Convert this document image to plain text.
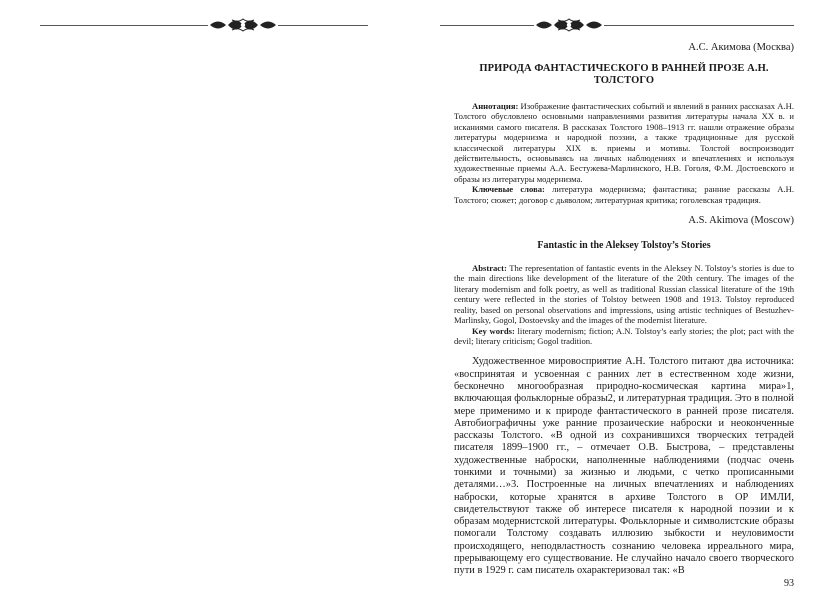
А.С. Акимова (Москва)
ПРИРОДА ФАНТАСТИЧЕСКОГО В РАННЕЙ ПРОЗЕ А.Н. ТОЛСТОГО

Аннотация: Изображение фантастических событий и явлений в ранних рассказах А.Н. Толстого обусловлено основными направлениями развития литературы начала XX в. и исканиями самого писателя. В рассказах Толстого 1908–1913 гг. нашли отражение образы литературы модернизма и народной поэзии, а также традиционные для русской классической литературы XIX в. приемы и мотивы. Толстой воспроизводит действительность, основываясь на личных наблюдениях и впечатлениях и используя художественные приемы А.А. Бестужева-Марлинского, Н.В. Гоголя, Ф.М. Достоевского и образы из литературы модернизма.

Ключевые слова: литература модернизма; фантастика; ранние рассказы А.Н. Толстого; сюжет; договор с дьяволом; литературная критика; гоголевская традиция.

A.S. Akimova (Moscow)
Fantastic in the Aleksey Tolstoy’s Stories

Abstract: The representation of fantastic events in the Aleksey N. Tolstoy’s stories is due to the main directions like development of the literature of the 20th century. The images of the literary modernism and folk poetry, as well as traditional Russian classical literature of the 19th century were reflected in the stories of Tolstoy between 1908 and 1913. Tolstoy reproduced reality, based on personal observations and impressions, using artistic techniques of Bestuzhev-Marlinsky, Gogol, Dostoevsky and the images of the modernist literature.

Key words: literary modernism; fiction; A.N. Tolstoy’s early stories; the plot; pact with the devil; literary criticism; Gogol tradition.

Художественное мировосприятие А.Н. Толстого питают два источника: «воспринятая и усвоенная с ранних лет в естественном ходе жизни, бесконечно многообразная природно-космическая картина мира»1, включающая фольклорные образы2, и литературная традиция. Это в полной мере применимо и к природе фантастического в ранней прозе писателя. Автобиографичны уже ранние прозаические наброски и неоконченные рассказы Толстого. «В одной из сохранившихся творческих тетрадей писателя 1899–1900 гг., – отмечает О.В. Быстрова, – представлены художественные наброски, наполненные наблюдениями (подчас очень тонкими и точными) за жизнью и людьми, с четко прописанными деталями…»3. Построенные на личных впечатлениях и наблюдениях наброски, которые хранятся в архиве Толстого в ОР ИМЛИ, свидетельствуют также об интересе писателя к народной поэзии и к образам модернистской литературы. Фольклорные и символистские образы помогали Толстому создавать иллюзию зыбкости и неуловимости происходящего, неподвластность сознанию человека ирреального мира, прерывающему его существование. Не случайно начало своего творческого пути в 1929 г. сам писатель охарактеризовал так: «В

93
